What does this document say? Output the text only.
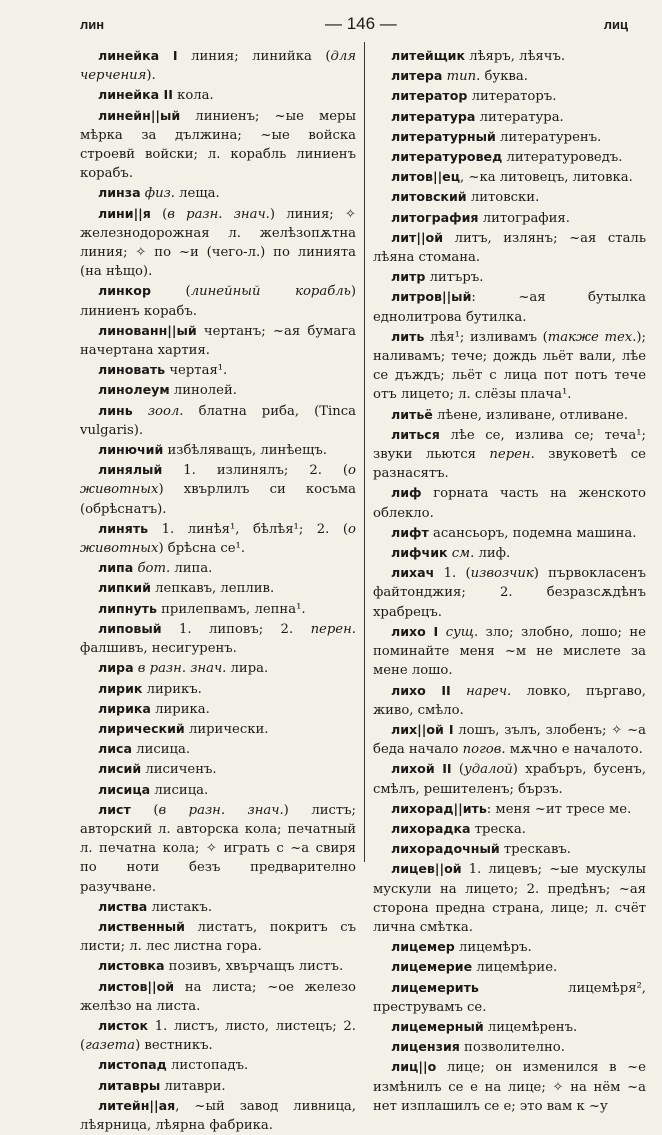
лин	— 146 —	лиц

линейка I линия; линийка (для черчения).

линейка II кола.

линейн||ый линиенъ; ~ые меры мѣрка за дължина; ~ые войска строевй войски; л. корабль линиенъ корабъ.

линза физ. леща.

лини||я (в разн. знач.) линия; ✧ железнодорожная л. желѣзопѫтна линия; ✧ по ~и (чего-л.) по линията (на нѣщо).

линкор (линейный корабль) линиенъ корабъ.

линованн||ый чертанъ; ~ая бумага начертана хартия.

линовать чертая¹.

линолеум линолей.

линь зоол. блатна риба, (Tinca vulgaris).

линючий избѣляващъ, линѣещъ.

линялый 1. излинялъ; 2. (о животных) хвърлилъ си косъма (обрѣснатъ).

линять 1. линѣя¹, бѣлѣя¹; 2. (о животных) брѣсна се¹.

липа бот. липа.

липкий лепкавъ, леплив.

липнуть прилепвамъ, лепна¹.

липовый 1. липовъ; 2. перен. фалшивъ, несигуренъ.

лира в разн. знач. лира.

лирик лирикъ.

лирика лирика.

лирический лирически.

лиса лисица.

лисий лисиченъ.

лисица лисица.

лист (в разн. знач.) листъ; авторский л. авторска кола; печатный л. печатна кола; ✧ играть с ~а свиря по ноти безъ предварително разучване.

листва листакъ.

лиственный листатъ, покритъ съ листи; л. лес листна гора.

листовка позивъ, хвърчащъ листъ.

листов||ой на листа; ~ое железо желѣзо на листа.

листок 1. листъ, листо, листецъ; 2. (газета) вестникъ.

листопад листопадъ.

литавры литаври.

литейн||ая, ~ый завод ливница, лѣярница, лѣярна фабрика.

литейщик лѣяръ, лѣячъ.

литера тип. буква.

литератор литераторъ.

литература литература.

литературный литературенъ.

литературовед литературоведъ.

литов||ец, ~ка литовецъ, литовка.

литовский литовски.

литография литография.

лит||ой литъ, излянъ; ~ая сталь лѣяна стомана.

литр литъръ.

литров||ый: ~ая бутылка еднолитрова бутилка.

лить лѣя¹; изливамъ (также тех.); наливамъ; тече; дождь льёт вали, лѣе се дъждъ; льёт с лица пот потъ тече отъ лицето; л. слёзы плача¹.

литьё лѣене, изливане, отливане.

литься лѣе се, излива се; теча¹; звуки льются перен. звуковетѣ се разнасятъ.

лиф горната часть на женското облекло.

лифт асансьоръ, подемна машина.

лифчик см. лиф.

лихач 1. (извозчик) първокласенъ файтонджия; 2. безразсѫдѣнъ храбрецъ.

лихо I сущ. зло; злобно, лошо; не поминайте меня ~м не мислете за мене лошо.

лихо II нареч. ловко, пъргаво, живо, смѣло.

лих||ой I лошъ, зълъ, злобенъ; ✧ ~а беда начало погов. мѫчно е началото.

лихой II (удалой) храбъръ, бусенъ, смѣлъ, решителенъ; бързъ.

лихорад||ить: меня ~ит тресе ме.

лихорадка треска.

лихорадочный трескавъ.

лицев||ой 1. лицевъ; ~ые мускулы мускули на лицето; 2. предѣнъ; ~ая сторона предна страна, лице; л. счёт лична смѣтка.

лицемер лицемѣръ.

лицемерие лицемѣрие.

лицемерить лицемѣря², преструвамъ се.

лицемерный лицемѣренъ.

лицензия позволително.

лиц||о лице; он изменился в ~е измѣнилъ се е на лице; ✧ на нём ~а нет изплашилъ се е; это вам к ~у
